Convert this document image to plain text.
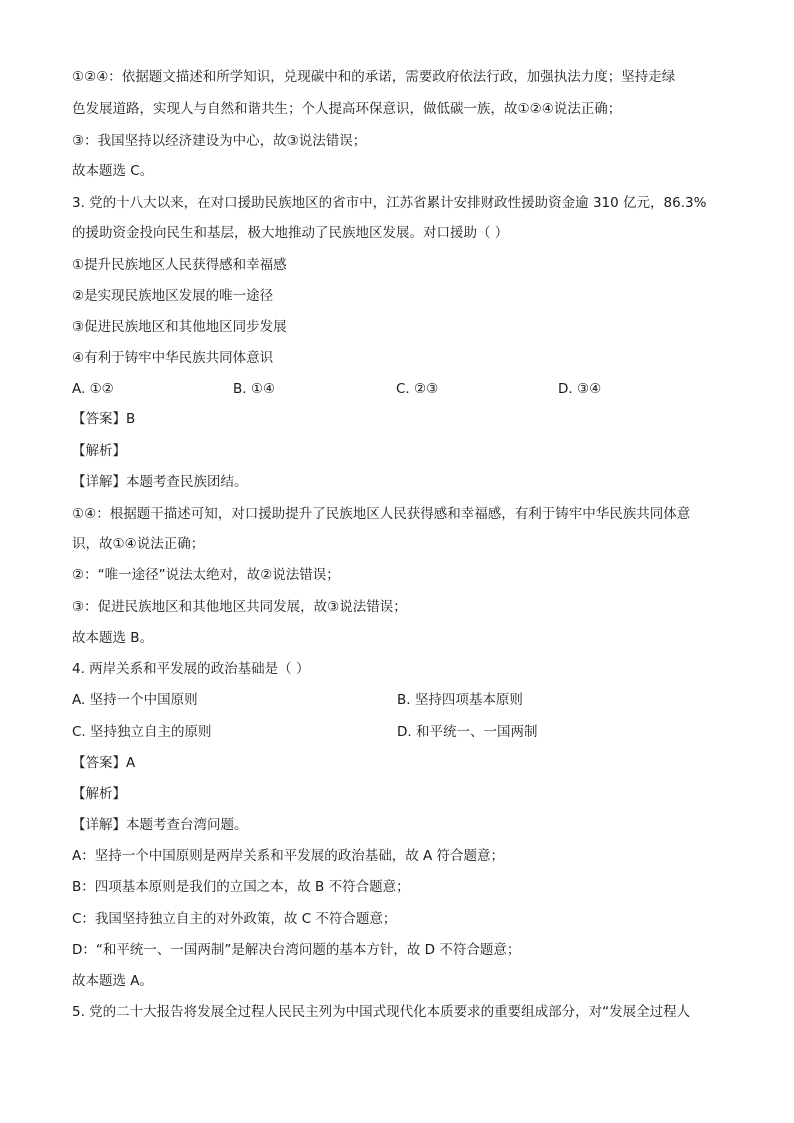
①②④：依据题文描述和所学知识，兑现碳中和的承诺，需要政府依法行政，加强执法力度；坚持走绿
色发展道路，实现人与自然和谐共生；个人提高环保意识，做低碳一族，故①②④说法正确；
③：我国坚持以经济建设为中心，故③说法错误；
故本题选 C。
3. 党的十八大以来，在对口援助民族地区的省市中，江苏省累计安排财政性援助资金逾 310 亿元，86.3%
的援助资金投向民生和基层，极大地推动了民族地区发展。对口援助（ ）
①提升民族地区人民获得感和幸福感
②是实现民族地区发展的唯一途径
③促进民族地区和其他地区同步发展
④有利于铸牢中华民族共同体意识
A. ①②	B. ①④	C. ②③	D. ③④
【答案】B
【解析】
【详解】本题考查民族团结。
①④：根据题干描述可知，对口援助提升了民族地区人民获得感和幸福感，有利于铸牢中华民族共同体意
识，故①④说法正确；
②：“唯一途径”说法太绝对，故②说法错误；
③：促进民族地区和其他地区共同发展，故③说法错误；
故本题选 B。
4. 两岸关系和平发展的政治基础是（ ）
A. 坚持一个中国原则	B. 坚持四项基本原则
C. 坚持独立自主的原则	D. 和平统一、一国两制
【答案】A
【解析】
【详解】本题考查台湾问题。
A：坚持一个中国原则是两岸关系和平发展的政治基础，故 A 符合题意；
B：四项基本原则是我们的立国之本，故 B 不符合题意；
C：我国坚持独立自主的对外政策，故 C 不符合题意；
D：“和平统一、一国两制”是解决台湾问题的基本方针，故 D 不符合题意；
故本题选 A。
5. 党的二十大报告将发展全过程人民民主列为中国式现代化本质要求的重要组成部分，对“发展全过程人
